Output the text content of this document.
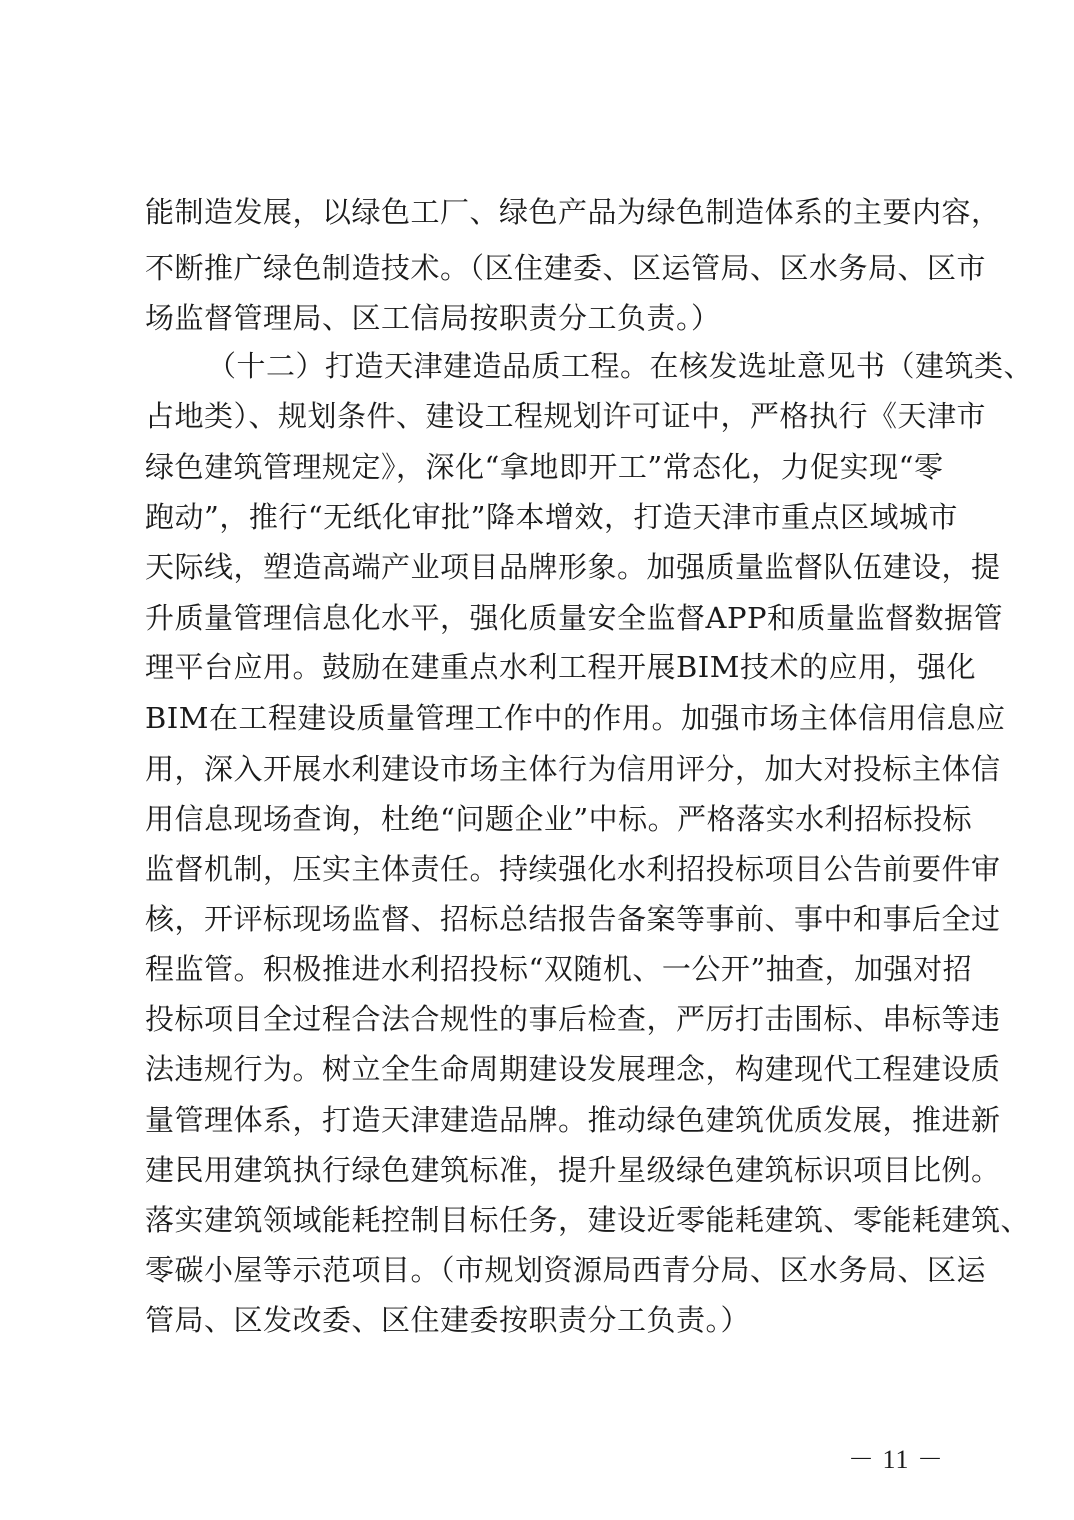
能制造发展，以绿色工厂、绿色产品为绿色制造体系的主要内容，
不断推广绿色制造技术。（区住建委、区运管局、区水务局、区市
场监督管理局、区工信局按职责分工负责。）
（十二）打造天津建造品质工程。在核发选址意见书（建筑类、
占地类）、规划条件、建设工程规划许可证中，严格执行《天津市
绿色建筑管理规定》，深化“拿地即开工”常态化，力促实现“零
跑动”，推行“无纸化审批”降本增效，打造天津市重点区域城市
天际线，塑造高端产业项目品牌形象。加强质量监督队伍建设，提
升质量管理信息化水平，强化质量安全监督APP和质量监督数据管
理平台应用。鼓励在建重点水利工程开展BIM技术的应用，强化
BIM在工程建设质量管理工作中的作用。加强市场主体信用信息应
用，深入开展水利建设市场主体行为信用评分，加大对投标主体信
用信息现场查询，杜绝“问题企业”中标。严格落实水利招标投标
监督机制，压实主体责任。持续强化水利招投标项目公告前要件审
核，开评标现场监督、招标总结报告备案等事前、事中和事后全过
程监管。积极推进水利招投标“双随机、一公开”抽查，加强对招
投标项目全过程合法合规性的事后检查，严厉打击围标、串标等违
法违规行为。树立全生命周期建设发展理念，构建现代工程建设质
量管理体系，打造天津建造品牌。推动绿色建筑优质发展，推进新
建民用建筑执行绿色建筑标准，提升星级绿色建筑标识项目比例。
落实建筑领域能耗控制目标任务，建设近零能耗建筑、零能耗建筑、
零碳小屋等示范项目。（市规划资源局西青分局、区水务局、区运
管局、区发改委、区住建委按职责分工负责。）
－ 11 －
